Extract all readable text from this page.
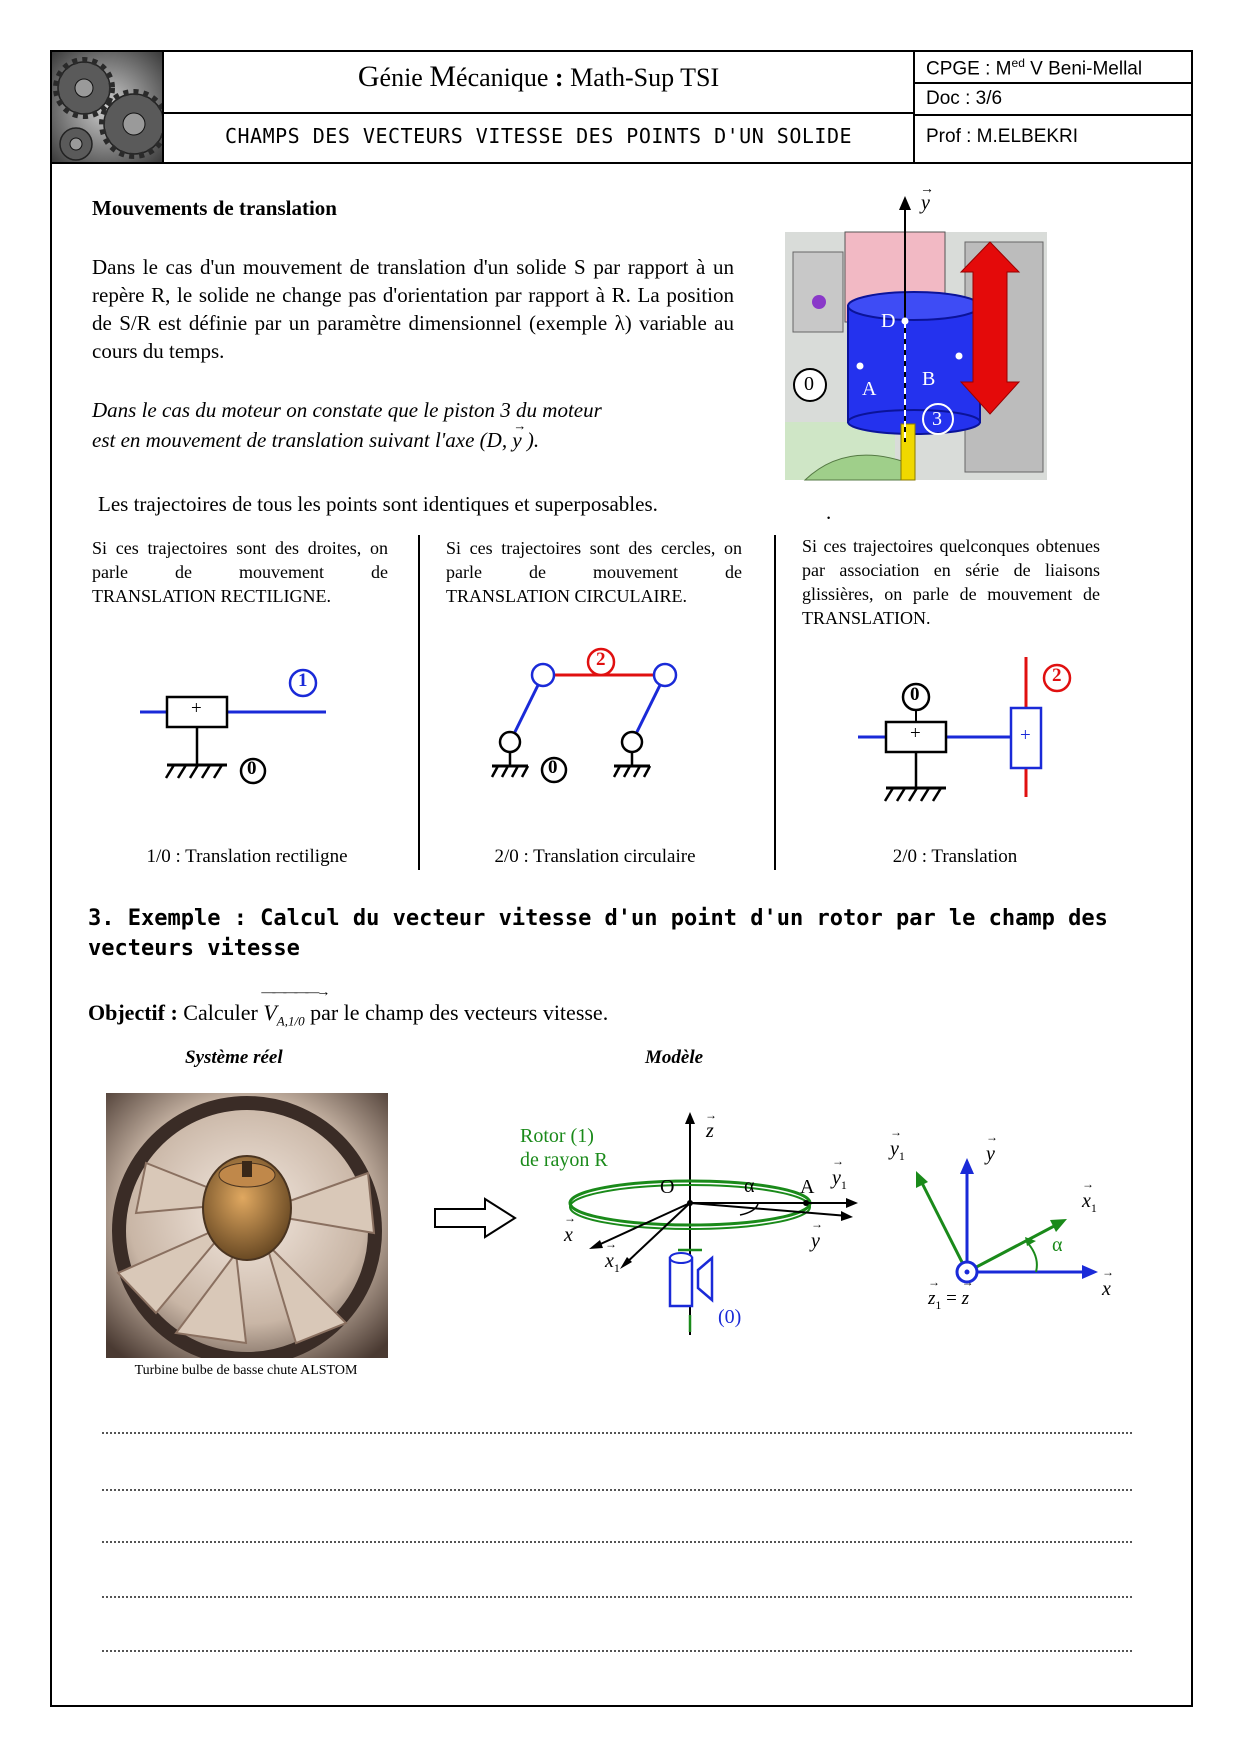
Génie Mécanique : Math-Sup TSI
CHAMPS DES VECTEURS VITESSE DES POINTS D'UN SOLIDE
CPGE : $M^{ed}$ V Beni-Mellal
Doc : 3/6
Prof : M.ELBEKRI
Mouvements de translation
Dans le cas d'un mouvement de translation d'un solide S par rapport à un repère R, le solide ne change pas d'orientation par rapport à R. La position de S/R est définie par un paramètre dimensionnel (exemple λ) variable au cours du temps.
Dans le cas du moteur on constate que le piston 3 du moteur
est en mouvement de translation suivant l'axe (D,
→
y ).
Les trajectoires de tous les points sont identiques et superposables.	.
y
→
D
A B
0
3
Si ces trajectoires sont des droites, on parle de mouvement de TRANSLATION RECTILIGNE.
+
1
0
1/0 : Translation rectiligne
Si ces trajectoires sont des cercles, on parle de mouvement de TRANSLATION CIRCULAIRE.
2
0
2/0 : Translation circulaire
Si ces trajectoires quelconques obtenues par association en série de liaisons glissières, on parle de mouvement de TRANSLATION.
+	+
0
2
2/0 : Translation
3. Exemple : Calcul du vecteur vitesse d'un point d'un rotor par le champ des
vecteurs vitesse
Objectif : Calculer
—————→
$V_{A,1/0}$ par le champ des vecteurs vitesse.
Système réel	Modèle
Turbine bulbe de basse chute ALSTOM
Rotor (1)
de rayon R
z
→
O	α A
→
$y_1$
→
x	→
$x_1$
→
y
(0)
→
$y_1$
→
y
→
$x_1$
α
→
x
→
$z_1$ =
→
z
